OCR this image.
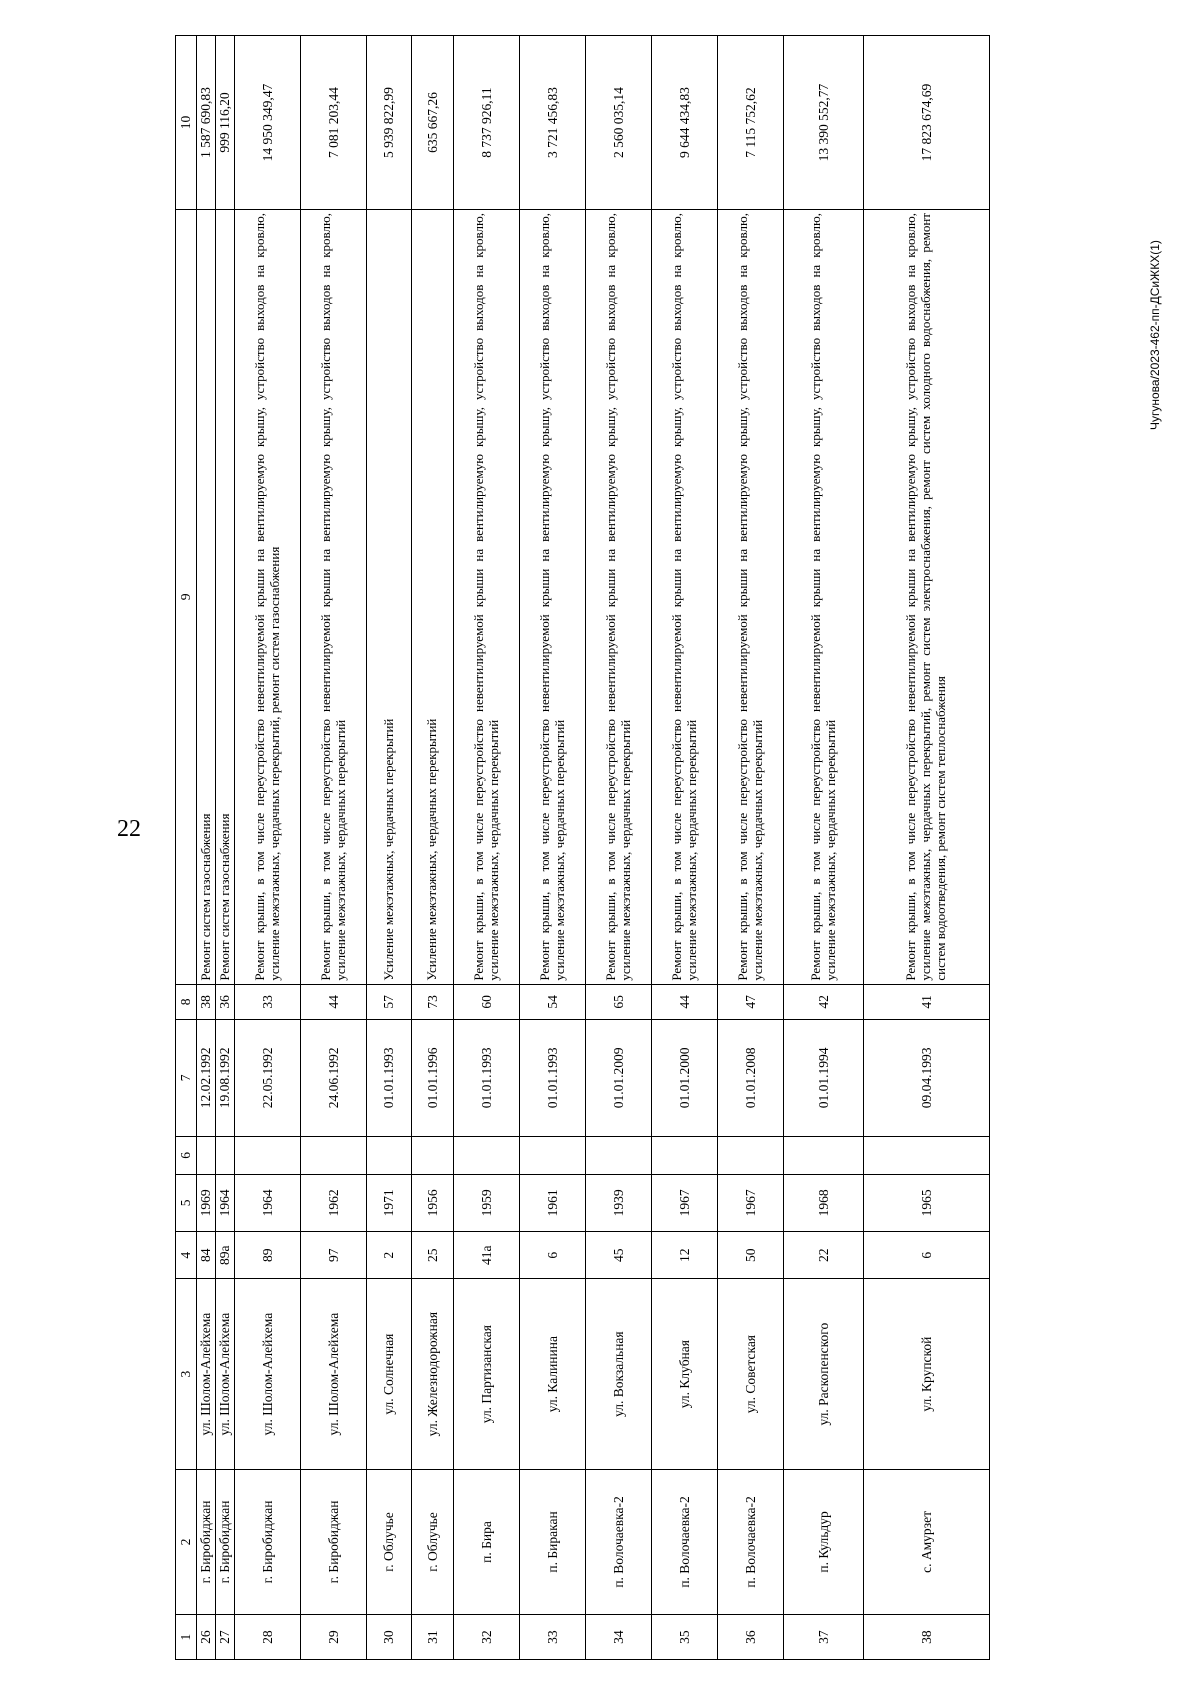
22
Чугунова/2023-462-пп-ДСиЖКХ(1)
1	2	3	4	5	6	7	8	9	10
26	г. Биробиджан	ул. Шолом-Алейхема	84	1969		12.02.1992	38	Ремонт систем газоснабжения	1 587 690,83
27	г. Биробиджан	ул. Шолом-Алейхема	89а	1964		19.08.1992	36	Ремонт систем газоснабжения	999 116,20
28	г. Биробиджан	ул. Шолом-Алейхема	89	1964		22.05.1992	33	Ремонт крыши, в том числе переустройство невентилируемой крыши на вентилируемую крышу, устройство выходов на кровлю, усиление межэтажных, чердачных перекрытий, ремонт систем газоснабжения	14 950 349,47
29	г. Биробиджан	ул. Шолом-Алейхема	97	1962		24.06.1992	44	Ремонт крыши, в том числе переустройство невентилируемой крыши на вентилируемую крышу, устройство выходов на кровлю, усиление межэтажных, чердачных перекрытий	7 081 203,44
30	г. Облучье	ул. Солнечная	2	1971		01.01.1993	57	Усиление межэтажных, чердачных перекрытий	5 939 822,99
31	г. Облучье	ул. Железнодорожная	25	1956		01.01.1996	73	Усиление межэтажных, чердачных перекрытий	635 667,26
32	п. Бира	ул. Партизанская	41а	1959		01.01.1993	60	Ремонт крыши, в том числе переустройство невентилируемой крыши на вентилируемую крышу, устройство выходов на кровлю, усиление межэтажных, чердачных перекрытий	8 737 926,11
33	п. Биракан	ул. Калинина	6	1961		01.01.1993	54	Ремонт крыши, в том числе переустройство невентилируемой крыши на вентилируемую крышу, устройство выходов на кровлю, усиление межэтажных, чердачных перекрытий	3 721 456,83
34	п. Волочаевка-2	ул. Вокзальная	45	1939		01.01.2009	65	Ремонт крыши, в том числе переустройство невентилируемой крыши на вентилируемую крышу, устройство выходов на кровлю, усиление межэтажных, чердачных перекрытий	2 560 035,14
35	п. Волочаевка-2	ул. Клубная	12	1967		01.01.2000	44	Ремонт крыши, в том числе переустройство невентилируемой крыши на вентилируемую крышу, устройство выходов на кровлю, усиление межэтажных, чердачных перекрытий	9 644 434,83
36	п. Волочаевка-2	ул. Советская	50	1967		01.01.2008	47	Ремонт крыши, в том числе переустройство невентилируемой крыши на вентилируемую крышу, устройство выходов на кровлю, усиление межэтажных, чердачных перекрытий	7 115 752,62
37	п. Кульдур	ул. Раскопенского	22	1968		01.01.1994	42	Ремонт крыши, в том числе переустройство невентилируемой крыши на вентилируемую крышу, устройство выходов на кровлю, усиление межэтажных, чердачных перекрытий	13 390 552,77
38	с. Амурзет	ул. Крупской	6	1965		09.04.1993	41	Ремонт крыши, в том числе переустройство невентилируемой крыши на вентилируемую крышу, устройство выходов на кровлю, усиление межэтажных, чердачных перекрытий, ремонт систем электроснабжения, ремонт систем холодного водоснабжения, ремонт систем водоотведения, ремонт систем теплоснабжения	17 823 674,69
